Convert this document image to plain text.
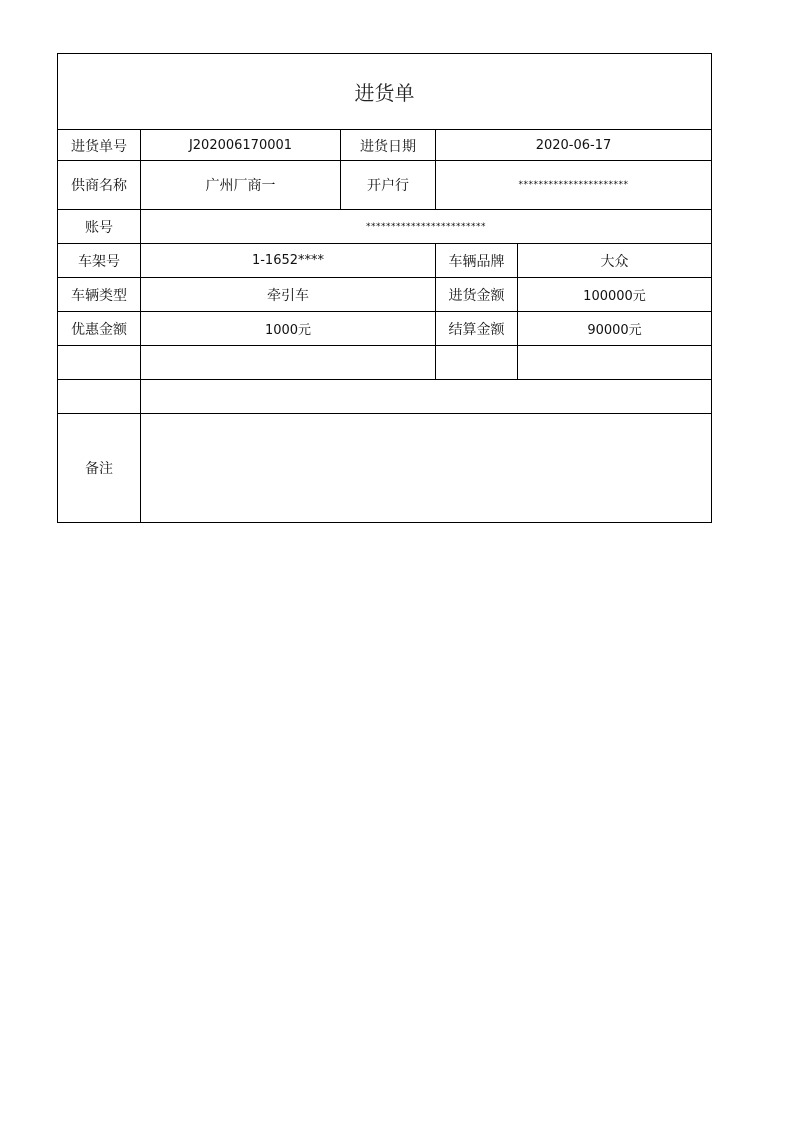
进货单
进货单号	J202006170001	进货日期	2020-06-17
供商名称	广州厂商一	开户行	**********************
账号	************************
车架号	1-1652****	车辆品牌	大众
车辆类型	牵引车	进货金额	100000元
优惠金额	1000元	结算金额	90000元
备注
